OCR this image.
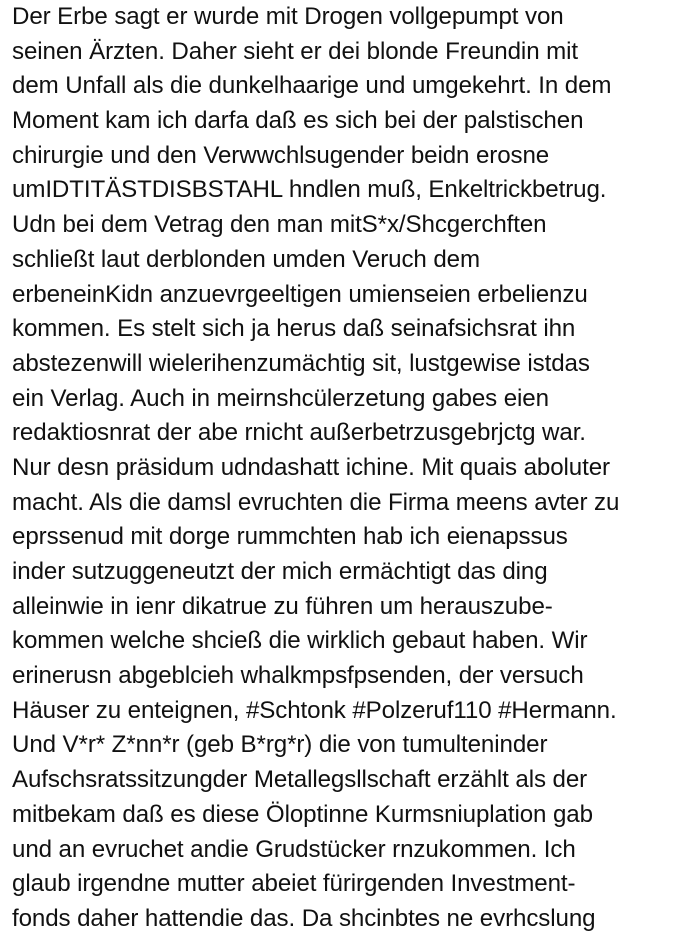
Der Erbe sagt er wurde mit Drogen vollgepumpt von
seinen Ärzten. Daher sieht er dei blonde Freundin mit
dem Unfall als die dunkelhaarige und umgekehrt. In dem
Moment kam ich darfa daß es sich bei der palstischen
chirurgie und den Verwwchlsugender beidn erosne
umIDTITÄSTDISBSTAHL hndlen muß, Enkeltrickbetrug.
Udn bei dem Vetrag den man mitS*x/Shcgerchften
schließt laut derblonden umden Veruch dem
erbeneinKidn anzuevrgeeltigen umienseien erbelienzu
kommen. Es stelt sich ja herus daß seinafsichsrat ihn
abstezenwill wielerihenzumächtig sit, lustgewise istdas
ein Verlag. Auch in meirnshcülerzetung gabes eien
redaktiosnrat der abe rnicht außerbetrzusgebrjctg war.
Nur desn präsidum udndashatt ichine. Mit quais aboluter
macht. Als die damsl evruchten die Firma meens avter zu
eprssenud mit dorge rummchten hab ich eienapssus
inder sutzuggeneutzt der mich ermächtigt das ding
alleinwie in ienr dikatrue zu führen um herauszube-
kommen welche shcieß die wirklich gebaut haben. Wir
erinerusn abgeblcieh whalkmpsfpsenden, der versuch
Häuser zu enteignen, #Schtonk #Polzeruf110 #Hermann.
Und V*r* Z*nn*r (geb B*rg*r) die von tumulteninder
Aufschsratssitzungder Metallegsllschaft erzählt als der
mitbekam daß es diese Öloptinne Kurmsniuplation gab
und an evruchet andie Grudstücker rnzukommen. Ich
glaub irgendne mutter abeiet fürirgenden Investment-
fonds daher hattendie das. Da shcinbtes ne evrhcslung
